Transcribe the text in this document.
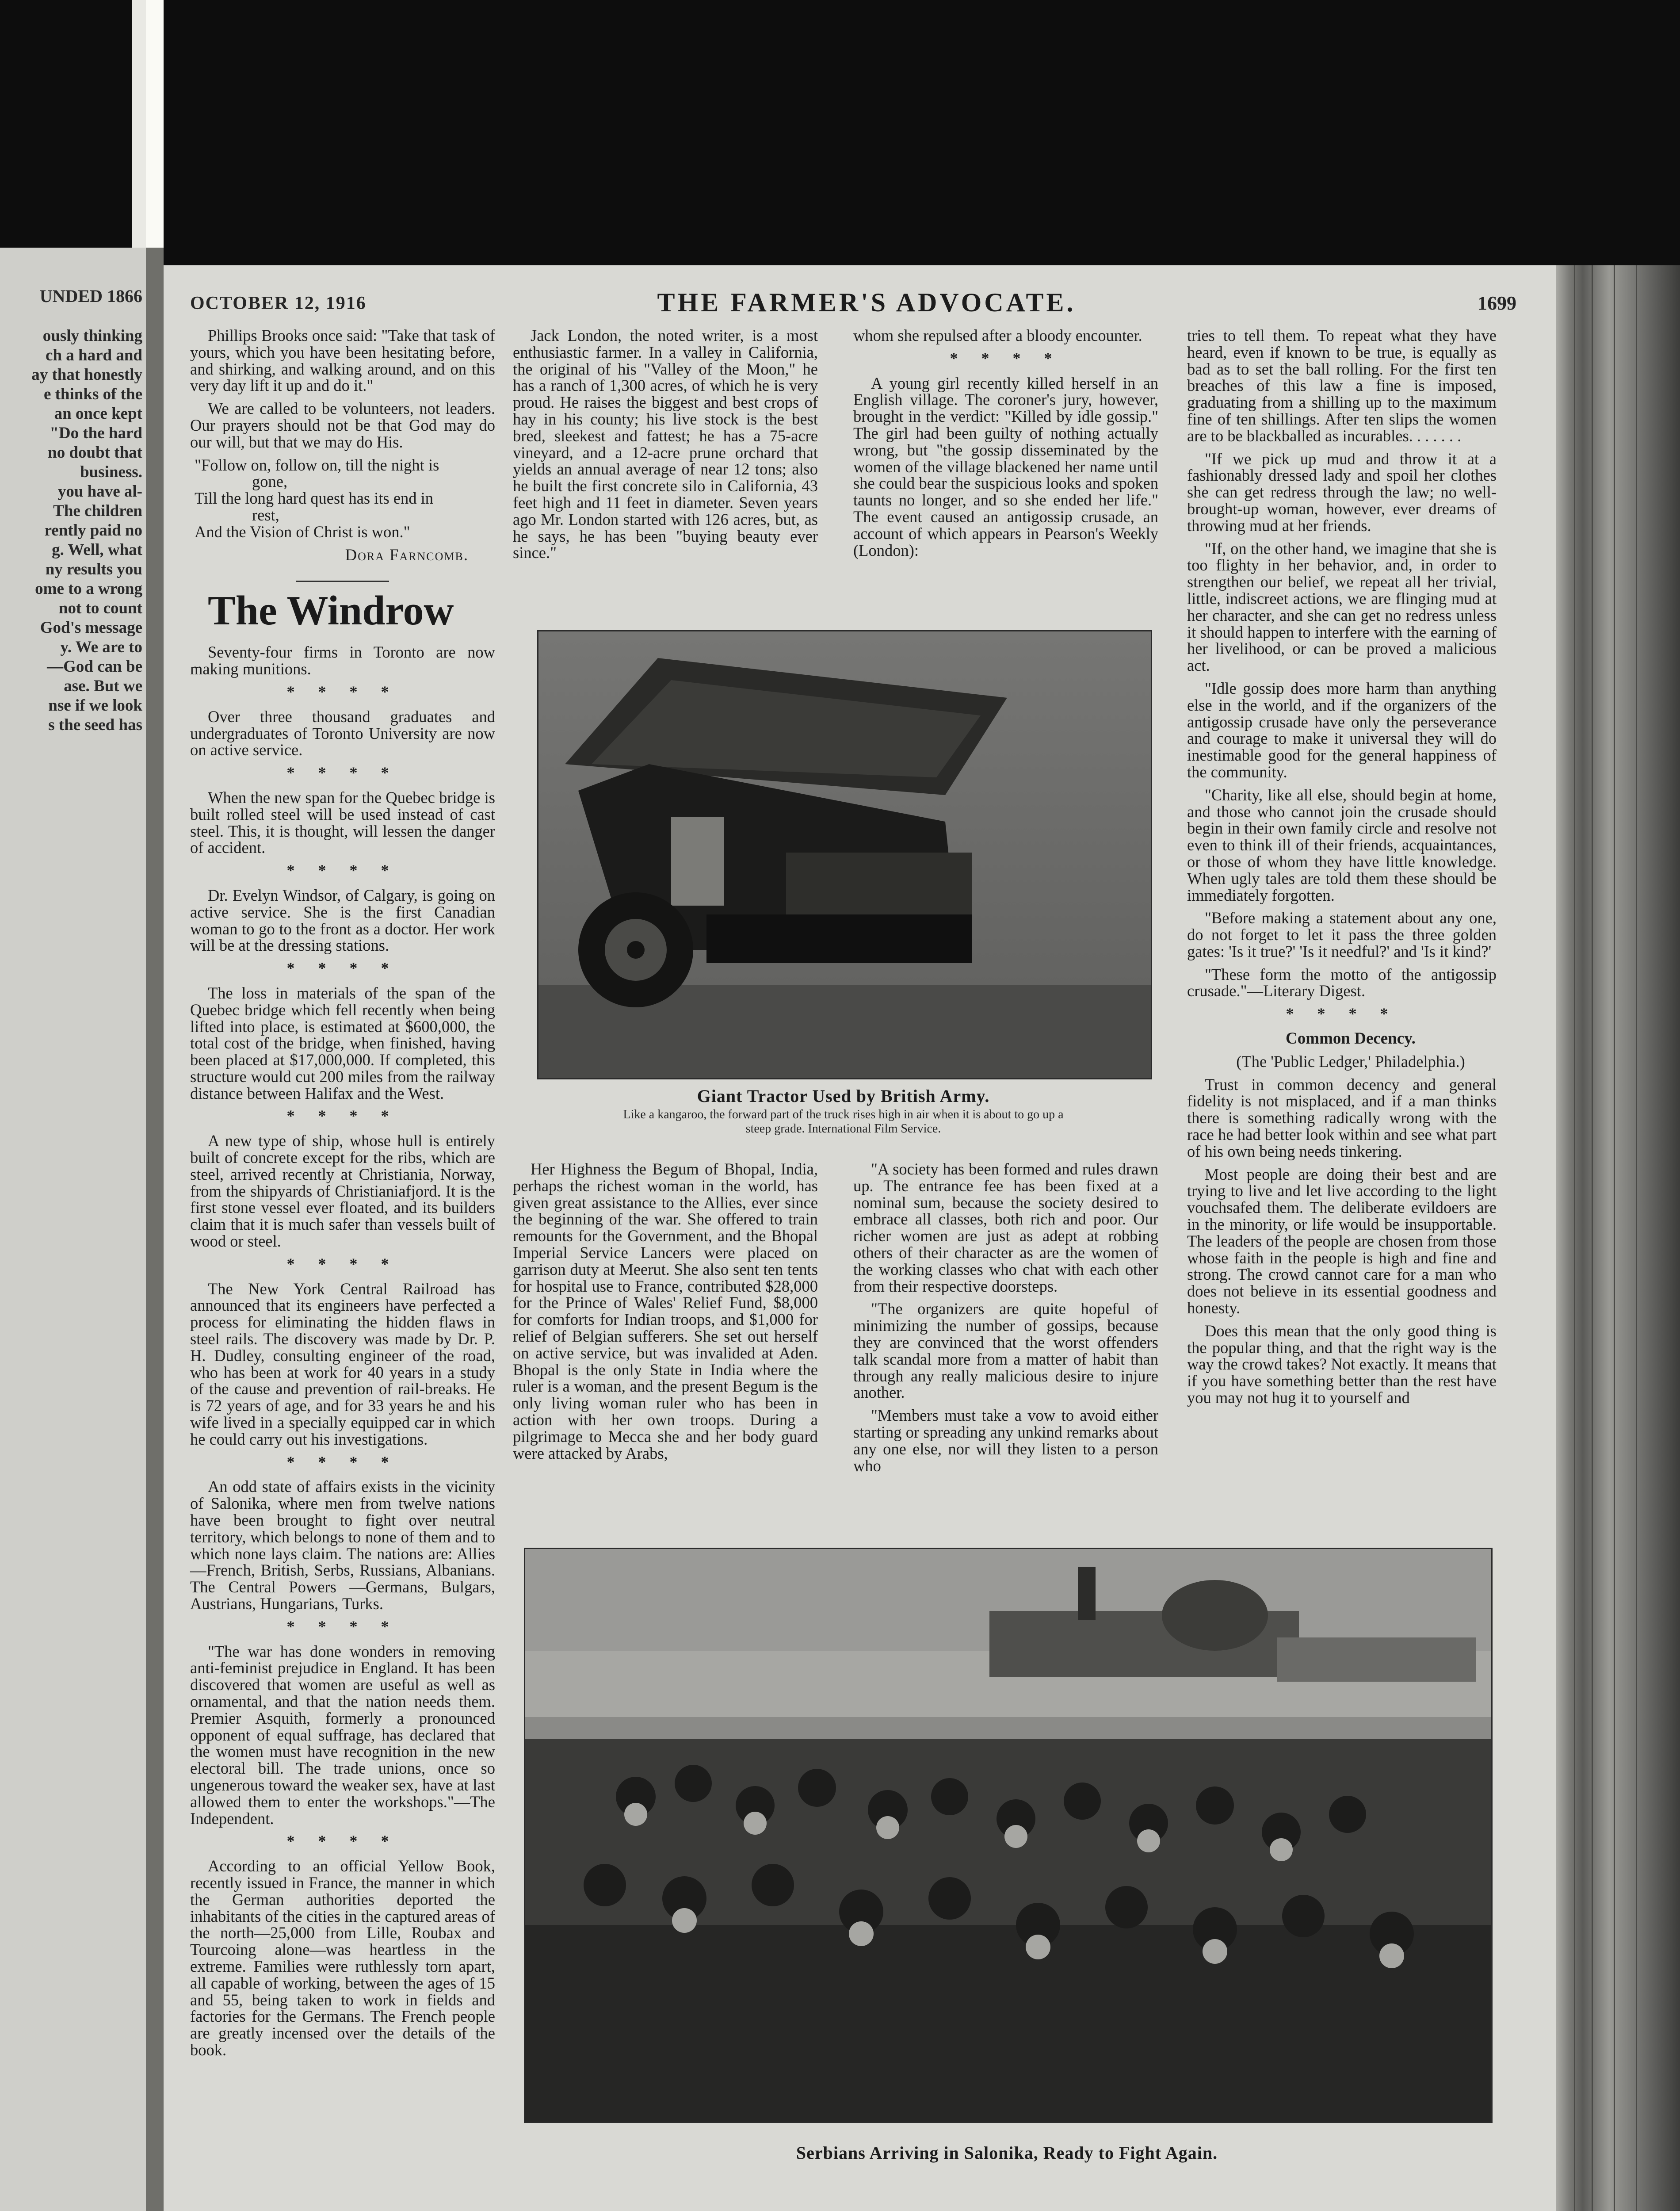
UNDED 1866
ously thinking
ch a hard and
ay that honestly
e thinks of the
an once kept
"Do the hard
no doubt that
business.
you have al-
The children
rently paid no
g. Well, what
ny results you
ome to a wrong
not to count
God's message
y. We are to
—God can be
ase. But we
nse if we look
s the seed has
OCTOBER 12, 1916	THE FARMER'S ADVOCATE.	1699

Phillips Brooks once said: "Take that task of yours, which you have been hesitating before, and shirking, and walking around, and on this very day lift it up and do it."

We are called to be volunteers, not leaders. Our prayers should not be that God may do our will, but that we may do His.

"Follow on, follow on, till the night is
gone,
Till the long hard quest has its end in
rest,
And the Vision of Christ is won."

Dora Farncomb.
The Windrow

Seventy-four firms in Toronto are now making munitions.

* * * *

Over three thousand graduates and undergraduates of Toronto University are now on active service.

* * * *

When the new span for the Quebec bridge is built rolled steel will be used instead of cast steel. This, it is thought, will lessen the danger of accident.

* * * *

Dr. Evelyn Windsor, of Calgary, is going on active service. She is the first Canadian woman to go to the front as a doctor. Her work will be at the dressing stations.

* * * *

The loss in materials of the span of the Quebec bridge which fell recently when being lifted into place, is estimated at $600,000, the total cost of the bridge, when finished, having been placed at $17,000,000. If completed, this structure would cut 200 miles from the railway distance between Halifax and the West.

* * * *

A new type of ship, whose hull is entirely built of concrete except for the ribs, which are steel, arrived recently at Christiania, Norway, from the shipyards of Christianiafjord. It is the first stone vessel ever floated, and its builders claim that it is much safer than vessels built of wood or steel.

* * * *

The New York Central Railroad has announced that its engineers have perfected a process for eliminating the hidden flaws in steel rails. The discovery was made by Dr. P. H. Dudley, consulting engineer of the road, who has been at work for 40 years in a study of the cause and prevention of rail-breaks. He is 72 years of age, and for 33 years he and his wife lived in a specially equipped car in which he could carry out his investigations.

* * * *

An odd state of affairs exists in the vicinity of Salonika, where men from twelve nations have been brought to fight over neutral territory, which belongs to none of them and to which none lays claim. The nations are: Allies—French, British, Serbs, Russians, Albanians. The Central Powers —Germans, Bulgars, Austrians, Hungarians, Turks.

* * * *

"The war has done wonders in removing anti-feminist prejudice in England. It has been discovered that women are useful as well as ornamental, and that the nation needs them. Premier Asquith, formerly a pronounced opponent of equal suffrage, has declared that the women must have recognition in the new electoral bill. The trade unions, once so ungenerous toward the weaker sex, have at last allowed them to enter the workshops."—The Independent.

* * * *

According to an official Yellow Book, recently issued in France, the manner in which the German authorities deported the inhabitants of the cities in the captured areas of the north—25,000 from Lille, Roubax and Tourcoing alone—was heartless in the extreme. Families were ruthlessly torn apart, all capable of working, between the ages of 15 and 55, being taken to work in fields and factories for the Germans. The French people are greatly incensed over the details of the book.

Jack London, the noted writer, is a most enthusiastic farmer. In a valley in California, the original of his "Valley of the Moon," he has a ranch of 1,300 acres, of which he is very proud. He raises the biggest and best crops of hay in his county; his live stock is the best bred, sleekest and fattest; he has a 75-acre vineyard, and a 12-acre prune orchard that yields an annual average of near 12 tons; also he built the first concrete silo in California, 43 feet high and 11 feet in diameter. Seven years ago Mr. London started with 126 acres, but, as he says, he has been "buying beauty ever since."

whom she repulsed after a bloody encounter.

* * * *

A young girl recently killed herself in an English village. The coroner's jury, however, brought in the verdict: "Killed by idle gossip." The girl had been guilty of nothing actually wrong, but "the gossip disseminated by the women of the village blackened her name until she could bear the suspicious looks and spoken taunts no longer, and so she ended her life." The event caused an antigossip crusade, an account of which appears in Pearson's Weekly (London):

Giant Tractor Used by British Army.
Like a kangaroo, the forward part of the truck rises high in air when it is about to go up a
steep grade. International Film Service.

Her Highness the Begum of Bhopal, India, perhaps the richest woman in the world, has given great assistance to the Allies, ever since the beginning of the war. She offered to train remounts for the Government, and the Bhopal Imperial Service Lancers were placed on garrison duty at Meerut. She also sent ten tents for hospital use to France, contributed $28,000 for the Prince of Wales' Relief Fund, $8,000 for comforts for Indian troops, and $1,000 for relief of Belgian sufferers. She set out herself on active service, but was invalided at Aden. Bhopal is the only State in India where the ruler is a woman, and the present Begum is the only living woman ruler who has been in action with her own troops. During a pilgrimage to Mecca she and her body guard were attacked by Arabs,

"A society has been formed and rules drawn up. The entrance fee has been fixed at a nominal sum, because the society desired to embrace all classes, both rich and poor. Our richer women are just as adept at robbing others of their character as are the women of the working classes who chat with each other from their respective doorsteps.

"The organizers are quite hopeful of minimizing the number of gossips, because they are convinced that the worst offenders talk scandal more from a matter of habit than through any really malicious desire to injure another.

"Members must take a vow to avoid either starting or spreading any unkind remarks about any one else, nor will they listen to a person who

tries to tell them. To repeat what they have heard, even if known to be true, is equally as bad as to set the ball rolling. For the first ten breaches of this law a fine is imposed, graduating from a shilling up to the maximum fine of ten shillings. After ten slips the women are to be blackballed as incurables. . . . . . .

"If we pick up mud and throw it at a fashionably dressed lady and spoil her clothes she can get redress through the law; no well-brought-up woman, however, ever dreams of throwing mud at her friends.

"If, on the other hand, we imagine that she is too flighty in her behavior, and, in order to strengthen our belief, we repeat all her trivial, little, indiscreet actions, we are flinging mud at her character, and she can get no redress unless it should happen to interfere with the earning of her livelihood, or can be proved a malicious act.

"Idle gossip does more harm than anything else in the world, and if the organizers of the antigossip crusade have only the perseverance and courage to make it universal they will do inestimable good for the general happiness of the community.

"Charity, like all else, should begin at home, and those who cannot join the crusade should begin in their own family circle and resolve not even to think ill of their friends, acquaintances, or those of whom they have little knowledge. When ugly tales are told them these should be immediately forgotten.

"Before making a statement about any one, do not forget to let it pass the three golden gates: 'Is it true?' 'Is it needful?' and 'Is it kind?'

"These form the motto of the antigossip crusade."—Literary Digest.

* * * *

Common Decency.

(The 'Public Ledger,' Philadelphia.)

Trust in common decency and general fidelity is not misplaced, and if a man thinks there is something radically wrong with the race he had better look within and see what part of his own being needs tinkering.

Most people are doing their best and are trying to live and let live according to the light vouchsafed them. The deliberate evildoers are in the minority, or life would be insupportable. The leaders of the people are chosen from those whose faith in the people is high and fine and strong. The crowd cannot care for a man who does not believe in its essential goodness and honesty.

Does this mean that the only good thing is the popular thing, and that the right way is the way the crowd takes? Not exactly. It means that if you have something better than the rest have you may not hug it to yourself and

Serbians Arriving in Salonika, Ready to Fight Again.
